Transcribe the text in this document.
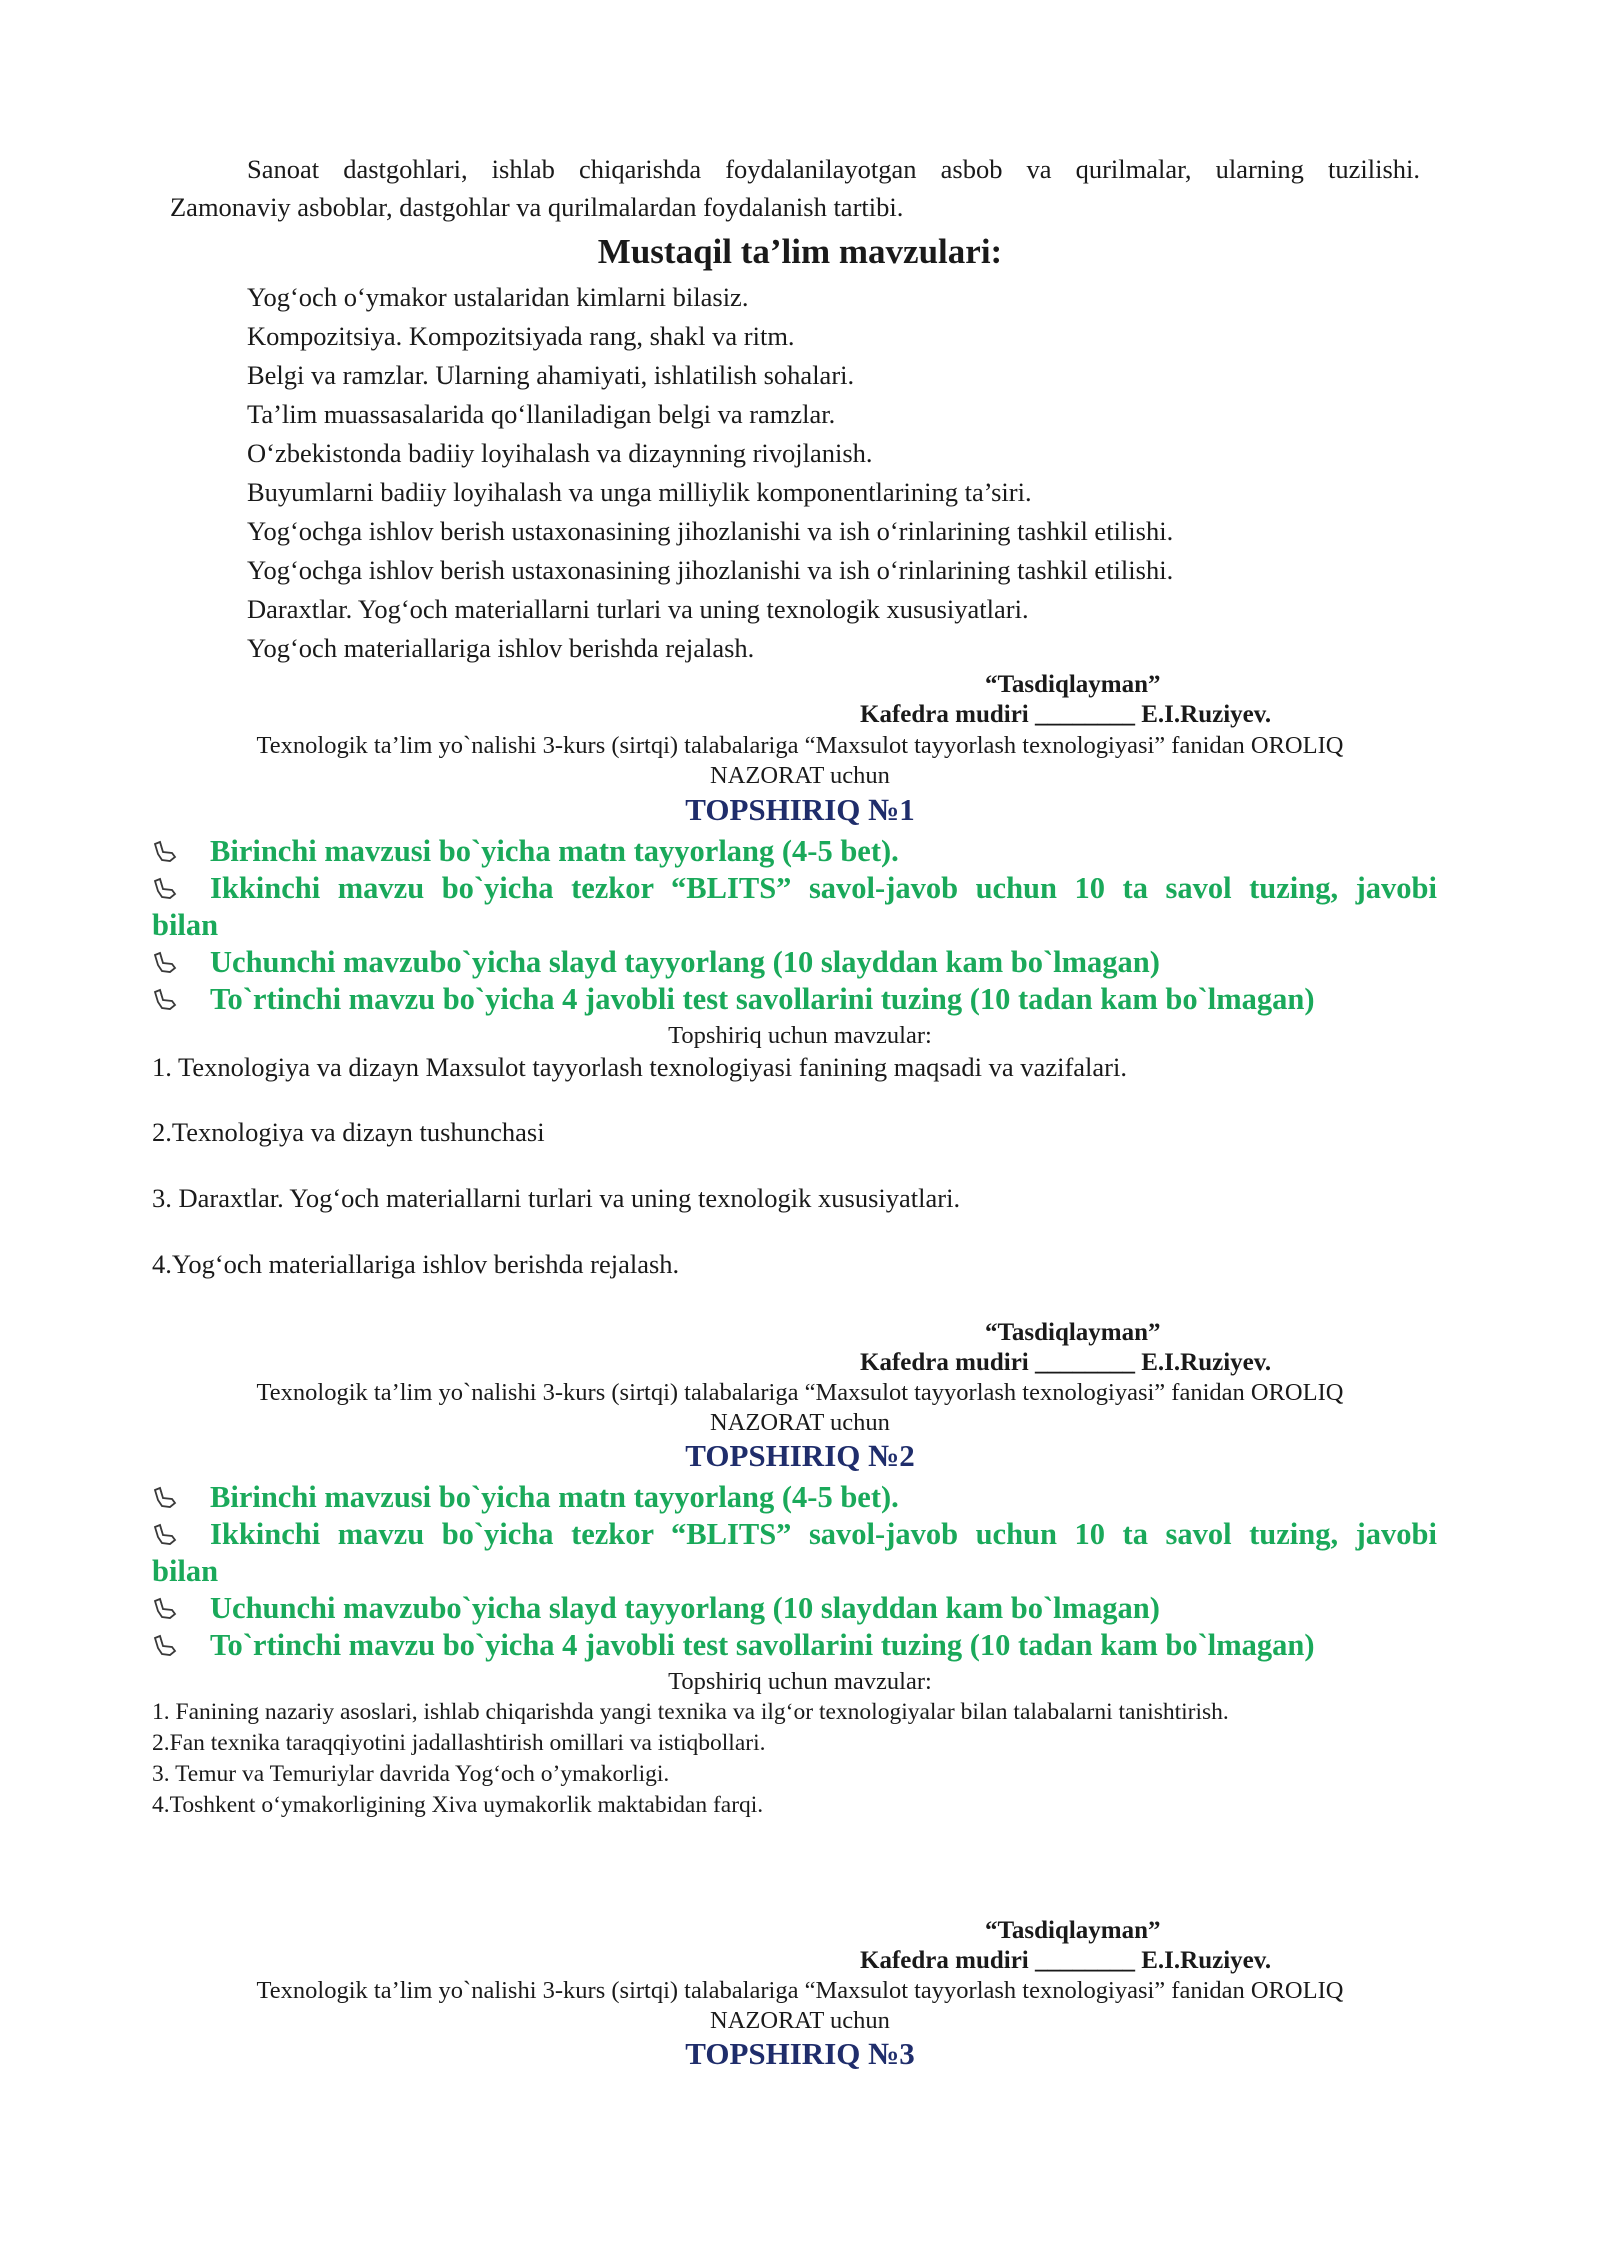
Sanoat dastgohlari, ishlab chiqarishda foydalanilayotgan asbob va qurilmalar, ularning tuzilishi.
Zamonaviy asboblar, dastgohlar va qurilmalardan foydalanish tartibi.
Mustaqil ta’lim mavzulari:
Yog‘och o‘ymakor ustalaridan kimlarni bilasiz.
Kompozitsiya. Kompozitsiyada rang, shakl va ritm.
Belgi va ramzlar. Ularning ahamiyati, ishlatilish sohalari.
Ta’lim muassasalarida qo‘llaniladigan belgi va ramzlar.
O‘zbekistonda badiiy loyihalash va dizaynning rivojlanish.
Buyumlarni badiiy loyihalash va unga milliylik komponentlarining ta’siri.
Yog‘ochga ishlov berish ustaxonasining jihozlanishi va ish o‘rinlarining tashkil etilishi.
Yog‘ochga ishlov berish ustaxonasining jihozlanishi va ish o‘rinlarining tashkil etilishi.
Daraxtlar. Yog‘och materiallarni turlari va uning texnologik xususiyatlari.
Yog‘och materiallariga ishlov berishda rejalash.
“Tasdiqlayman”
Kafedra mudiri ________ E.I.Ruziyev.
Texnologik ta’lim yo`nalishi 3-kurs (sirtqi) talabalariga “Maxsulot tayyorlash texnologiyasi” fanidan OROLIQ
NAZORAT uchun
TOPSHIRIQ №1
Birinchi mavzusi bo`yicha matn tayyorlang (4-5 bet).
Ikkinchi mavzu bo`yicha tezkor “BLITS” savol-javob uchun 10 ta savol tuzing, javobi
bilan
Uchunchi mavzubo`yicha slayd tayyorlang (10 slayddan kam bo`lmagan)
To`rtinchi mavzu bo`yicha 4 javobli test savollarini tuzing (10 tadan kam bo`lmagan)
Topshiriq uchun mavzular:
1. Texnologiya va dizayn Maxsulot tayyorlash texnologiyasi fanining maqsadi va vazifalari.
2.Texnologiya va dizayn tushunchasi
3. Daraxtlar. Yog‘och materiallarni turlari va uning texnologik xususiyatlari.
4.Yog‘och materiallariga ishlov berishda rejalash.
“Tasdiqlayman”
Kafedra mudiri ________ E.I.Ruziyev.
Texnologik ta’lim yo`nalishi 3-kurs (sirtqi) talabalariga “Maxsulot tayyorlash texnologiyasi” fanidan OROLIQ
NAZORAT uchun
TOPSHIRIQ №2
Birinchi mavzusi bo`yicha matn tayyorlang (4-5 bet).
Ikkinchi mavzu bo`yicha tezkor “BLITS” savol-javob uchun 10 ta savol tuzing, javobi
bilan
Uchunchi mavzubo`yicha slayd tayyorlang (10 slayddan kam bo`lmagan)
To`rtinchi mavzu bo`yicha 4 javobli test savollarini tuzing (10 tadan kam bo`lmagan)
Topshiriq uchun mavzular:
1. Fanining nazariy asoslari, ishlab chiqarishda yangi texnika va ilg‘or texnologiyalar bilan talabalarni tanishtirish.
2.Fan texnika taraqqiyotini jadallashtirish omillari va istiqbollari.
3. Temur va Temuriylar davrida Yog‘och o’ymakorligi.
4.Toshkent o‘ymakorligining Xiva uymakorlik maktabidan farqi.
“Tasdiqlayman”
Kafedra mudiri ________ E.I.Ruziyev.
Texnologik ta’lim yo`nalishi 3-kurs (sirtqi) talabalariga “Maxsulot tayyorlash texnologiyasi” fanidan OROLIQ
NAZORAT uchun
TOPSHIRIQ №3
